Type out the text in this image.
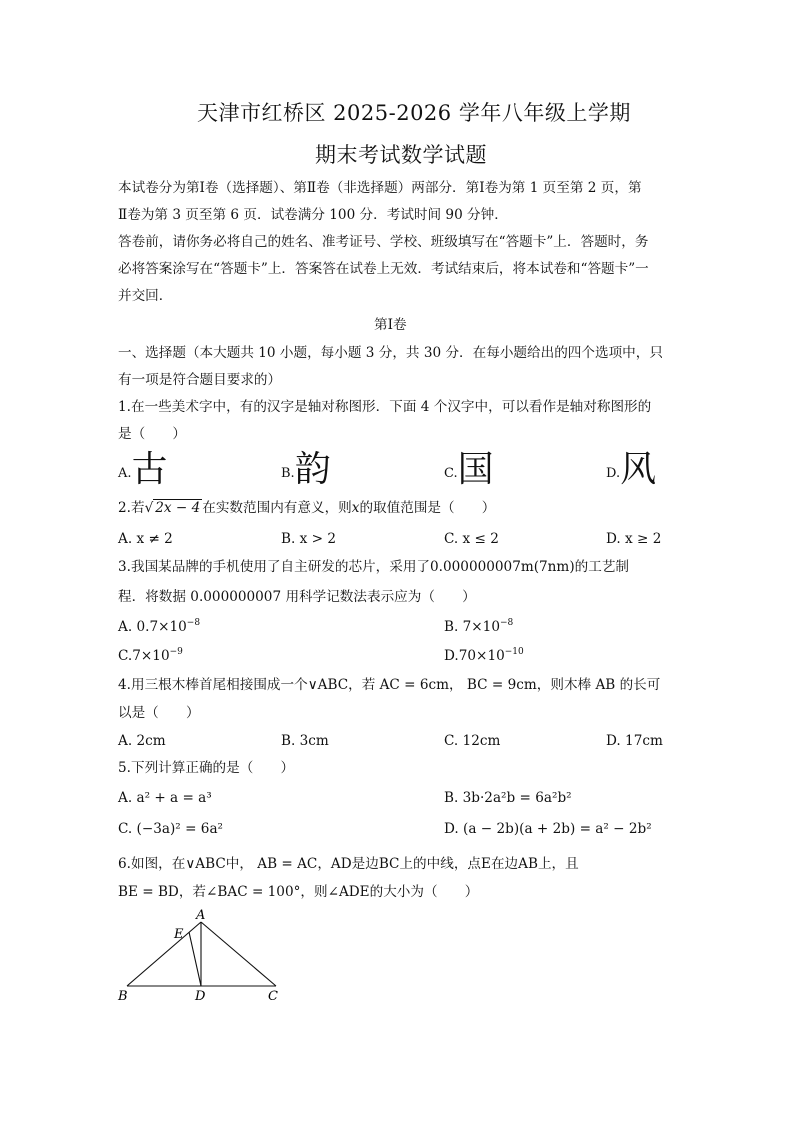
天津市红桥区 2025-2026 学年八年级上学期
期末考试数学试题
本试卷分为第Ⅰ卷（选择题）、第Ⅱ卷（非选择题）两部分．第Ⅰ卷为第 1 页至第 2 页，第
Ⅱ卷为第 3 页至第 6 页．试卷满分 100 分．考试时间 90 分钟．
答卷前，请你务必将自己的姓名、准考证号、学校、班级填写在“答题卡”上．答题时，务
必将答案涂写在“答题卡”上．答案答在试卷上无效．考试结束后，将本试卷和“答题卡”一
并交回．
第Ⅰ卷
一、选择题（本大题共 10 小题，每小题 3 分，共 30 分．在每小题给出的四个选项中，只
有一项是符合题目要求的）
1.在一些美术字中，有的汉字是轴对称图形．下面 4 个汉字中，可以看作是轴对称图形的
是（　　）
$^{A.}$古	$^{B.}$韵	$^{C.}$国	$^{D.}$风
2.若√ 2x − 4 在实数范围内有意义，则x的取值范围是（　　）
A. x ≠ 2	B. x > 2	C. x ≤ 2	D. x ≥ 2
3.我国某品牌的手机使用了自主研发的芯片，采用了0.000000007m(7nm)的工艺制
程．将数据 0.000000007 用科学记数法表示应为（　　）
A. $0.7\times 10^{-8}$	B. $7\times 10^{-8}$
$C.7\times 10^{-9}$	$D.70\times 10^{-10}$
4.用三根木棒首尾相接围成一个∨ABC，若 AC = 6cm， BC = 9cm，则木棒 AB 的长可
以是（　　）
A. 2cm	B. 3cm	C. 12cm	D. 17cm
5.下列计算正确的是（　　）
A. a² + a = a³	B. 3b·2a²b = 6a²b²
C. (−3a)² = 6a²	D. (a − 2b)(a + 2b) = a² − 2b²
6.如图，在∨ABC中， AB = AC，AD是边BC上的中线，点E在边AB上，且
BE = BD，若∠BAC = 100°，则∠ADE的大小为（　　）
A
E
B	D	C
